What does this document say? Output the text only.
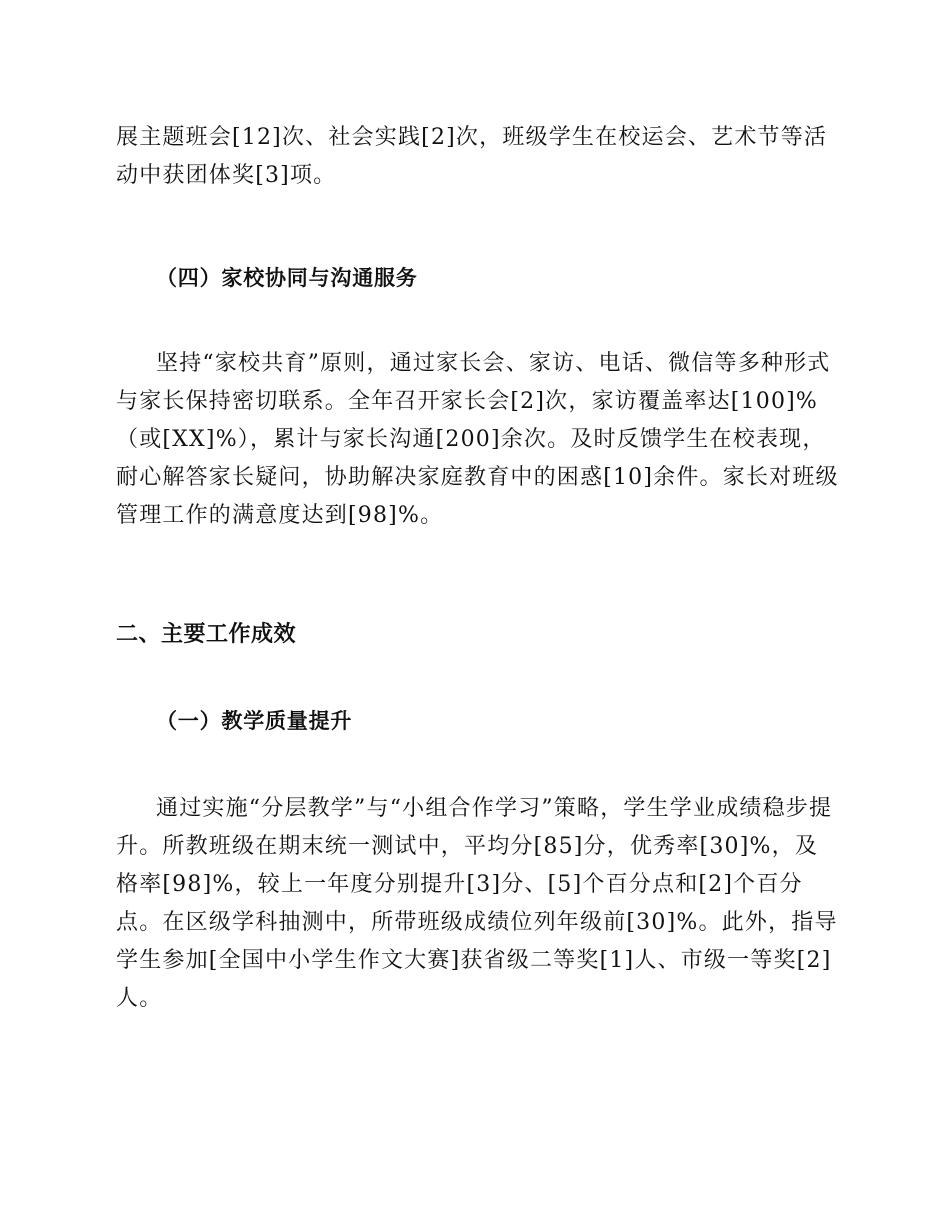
展主题班会[12]次、社会实践[2]次，班级学生在校运会、艺术节等活动中获团体奖[3]项。

（四）家校协同与沟通服务

坚持“家校共育”原则，通过家长会、家访、电话、微信等多种形式与家长保持密切联系。全年召开家长会[2]次，家访覆盖率达[100]%（或[XX]%），累计与家长沟通[200]余次。及时反馈学生在校表现，耐心解答家长疑问，协助解决家庭教育中的困惑[10]余件。家长对班级管理工作的满意度达到[98]%。

二、主要工作成效
（一）教学质量提升

通过实施“分层教学”与“小组合作学习”策略，学生学业成绩稳步提升。所教班级在期末统一测试中，平均分[85]分，优秀率[30]%，及格率[98]%，较上一年度分别提升[3]分、[5]个百分点和[2]个百分点。在区级学科抽测中，所带班级成绩位列年级前[30]%。此外，指导学生参加[全国中小学生作文大赛]获省级二等奖[1]人、市级一等奖[2]人。
